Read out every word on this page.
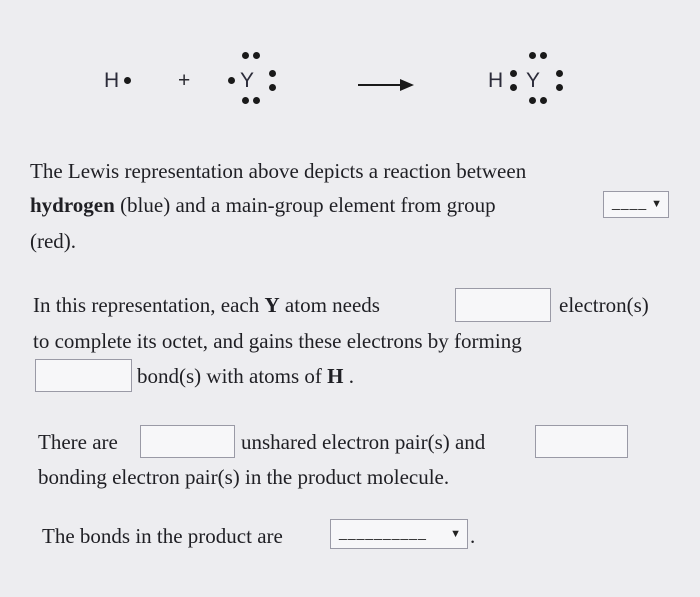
H	+ Y	H Y
The Lewis representation above depicts a reaction between
hydrogen (blue) and a main-group element from group	____ ▼
(red).
In this representation, each Y atom needs	electron(s)
to complete its octet, and gains these electrons by forming
bond(s) with atoms of H .
There are	unshared electron pair(s) and
bonding electron pair(s) in the product molecule.
The bonds in the product are	__________ ▼ .
